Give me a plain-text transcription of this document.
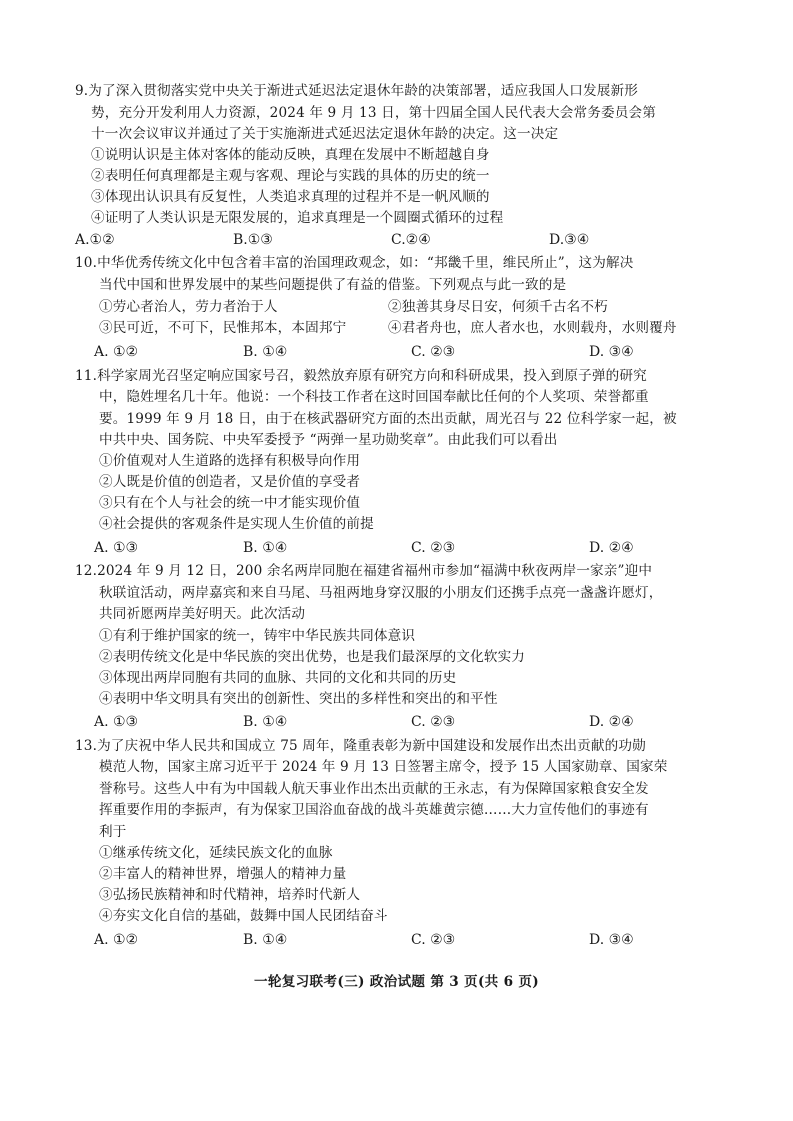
9.为了深入贯彻落实党中央关于渐进式延迟法定退休年龄的决策部署，适应我国人口发展新形
势，充分开发利用人力资源，2024 年 9 月 13 日，第十四届全国人民代表大会常务委员会第
十一次会议审议并通过了关于实施渐进式延迟法定退休年龄的决定。这一决定
①说明认识是主体对客体的能动反映，真理在发展中不断超越自身
②表明任何真理都是主观与客观、理论与实践的具体的历史的统一
③体现出认识具有反复性，人类追求真理的过程并不是一帆风顺的
④证明了人类认识是无限发展的，追求真理是一个圆圈式循环的过程
A.①②	B.①③	C.②④	D.③④
10.中华优秀传统文化中包含着丰富的治国理政观念，如：“邦畿千里，维民所止”，这为解决
当代中国和世界发展中的某些问题提供了有益的借鉴。下列观点与此一致的是
①劳心者治人，劳力者治于人	②独善其身尽日安，何须千古名不朽
③民可近，不可下，民惟邦本，本固邦宁	④君者舟也，庶人者水也，水则载舟，水则覆舟
A. ①②	B. ①④	C. ②③	D. ③④
11.科学家周光召坚定响应国家号召，毅然放弃原有研究方向和科研成果，投入到原子弹的研究
中，隐姓埋名几十年。他说：一个科技工作者在这时回国奉献比任何的个人奖项、荣誉都重
要。1999 年 9 月 18 日，由于在核武器研究方面的杰出贡献，周光召与 22 位科学家一起，被
中共中央、国务院、中央军委授予 “两弹一星功勋奖章”。由此我们可以看出
①价值观对人生道路的选择有积极导向作用
②人既是价值的创造者，又是价值的享受者
③只有在个人与社会的统一中才能实现价值
④社会提供的客观条件是实现人生价值的前提
A. ①③	B. ①④	C. ②③	D. ②④
12.2024 年 9 月 12 日，200 余名两岸同胞在福建省福州市参加“福满中秋夜两岸一家亲”迎中
秋联谊活动，两岸嘉宾和来自马尾、马祖两地身穿汉服的小朋友们还携手点亮一盏盏许愿灯，
共同祈愿两岸美好明天。此次活动
①有利于维护国家的统一，铸牢中华民族共同体意识
②表明传统文化是中华民族的突出优势，也是我们最深厚的文化软实力
③体现出两岸同胞有共同的血脉、共同的文化和共同的历史
④表明中华文明具有突出的创新性、突出的多样性和突出的和平性
A. ①③	B. ①④	C. ②③	D. ②④
13.为了庆祝中华人民共和国成立 75 周年，隆重表彰为新中国建设和发展作出杰出贡献的功勋
模范人物，国家主席习近平于 2024 年 9 月 13 日签署主席令，授予 15 人国家勋章、国家荣
誉称号。这些人中有为中国载人航天事业作出杰出贡献的王永志，有为保障国家粮食安全发
挥重要作用的李振声，有为保家卫国浴血奋战的战斗英雄黄宗德……大力宣传他们的事迹有
利于
①继承传统文化，延续民族文化的血脉
②丰富人的精神世界，增强人的精神力量
③弘扬民族精神和时代精神，培养时代新人
④夯实文化自信的基础，鼓舞中国人民团结奋斗
A. ①②	B. ①④	C. ②③	D. ③④
一轮复习联考(三) 政治试题 第 3 页(共 6 页)
